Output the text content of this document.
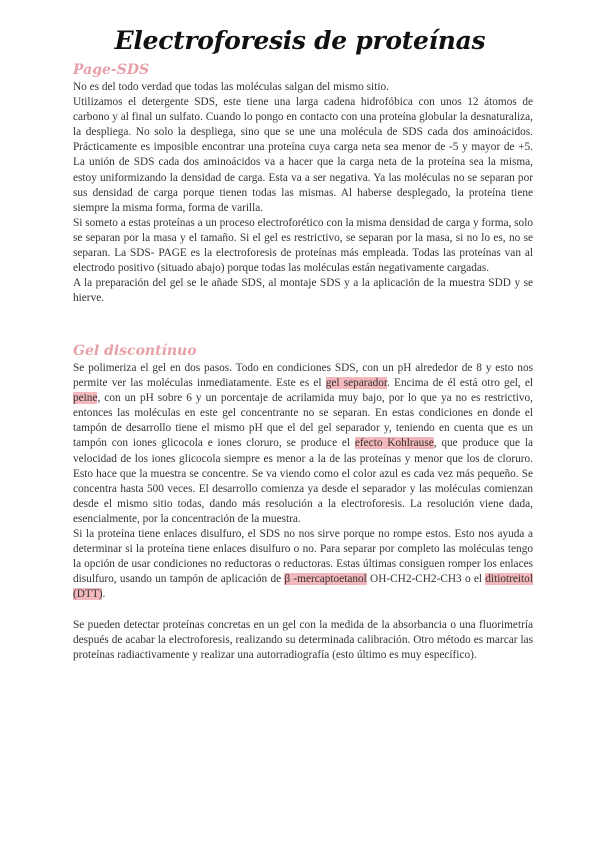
Electroforesis de proteínas
Page-SDS

No es del todo verdad que todas las moléculas salgan del mismo sitio.

Utilizamos el detergente SDS, este tiene una larga cadena hidrofóbica con unos 12 átomos de carbono y al final un sulfato. Cuando lo pongo en contacto con una proteína globular la desnaturaliza, la despliega. No solo la despliega, sino que se une una molécula de SDS cada dos aminoácidos. Prácticamente es imposible encontrar una proteína cuya carga neta sea menor de -5 y mayor de +5. La unión de SDS cada dos aminoácidos va a hacer que la carga neta de la proteína sea la misma, estoy uniformizando la densidad de carga. Esta va a ser negativa. Ya las moléculas no se separan por sus densidad de carga porque tienen todas las mismas. Al haberse desplegado, la proteína tiene siempre la misma forma, forma de varilla.

Si someto a estas proteínas a un proceso electroforético con la misma densidad de carga y forma, solo se separan por la masa y el tamaño. Si el gel es restrictivo, se separan por la masa, si no lo es, no se separan. La SDS- PAGE es la electroforesis de proteínas más empleada. Todas las proteínas van al electrodo positivo (situado abajo) porque todas las moléculas están negativamente cargadas.

A la preparación del gel se le añade SDS, al montaje SDS y a la aplicación de la muestra SDD y se hierve.

Gel discontínuo

Se polimeriza el gel en dos pasos. Todo en condiciones SDS, con un pH alrededor de 8 y esto nos permite ver las moléculas inmediatamente. Este es el gel separador. Encima de él está otro gel, el peine, con un pH sobre 6 y un porcentaje de acrilamida muy bajo, por lo que ya no es restrictivo, entonces las moléculas en este gel concentrante no se separan. En estas condiciones en donde el tampón de desarrollo tiene el mismo pH que el del gel separador y, teniendo en cuenta que es un tampón con iones glicocola e iones cloruro, se produce el efecto Kohlrause, que produce que la velocidad de los iones glicocola siempre es menor a la de las proteínas y menor que los de cloruro. Esto hace que la muestra se concentre. Se va viendo como el color azul es cada vez más pequeño. Se concentra hasta 500 veces. El desarrollo comienza ya desde el separador y las moléculas comienzan desde el mismo sitio todas, dando más resolución a la electroforesis. La resolución viene dada, esencialmente, por la concentración de la muestra.

Si la proteína tiene enlaces disulfuro, el SDS no nos sirve porque no rompe estos. Esto nos ayuda a determinar si la proteína tiene enlaces disulfuro o no. Para separar por completo las moléculas tengo la opción de usar condiciones no reductoras o reductoras. Estas últimas consiguen romper los enlaces disulfuro, usando un tampón de aplicación de β -mercaptoetanol OH-CH2-CH2-CH3 o el ditiotreitol (DTT).

Se pueden detectar proteínas concretas en un gel con la medida de la absorbancia o una fluorimetría después de acabar la electroforesis, realizando su determinada calibración. Otro método es marcar las proteínas radiactivamente y realizar una autorradiografía (esto último es muy específico).
